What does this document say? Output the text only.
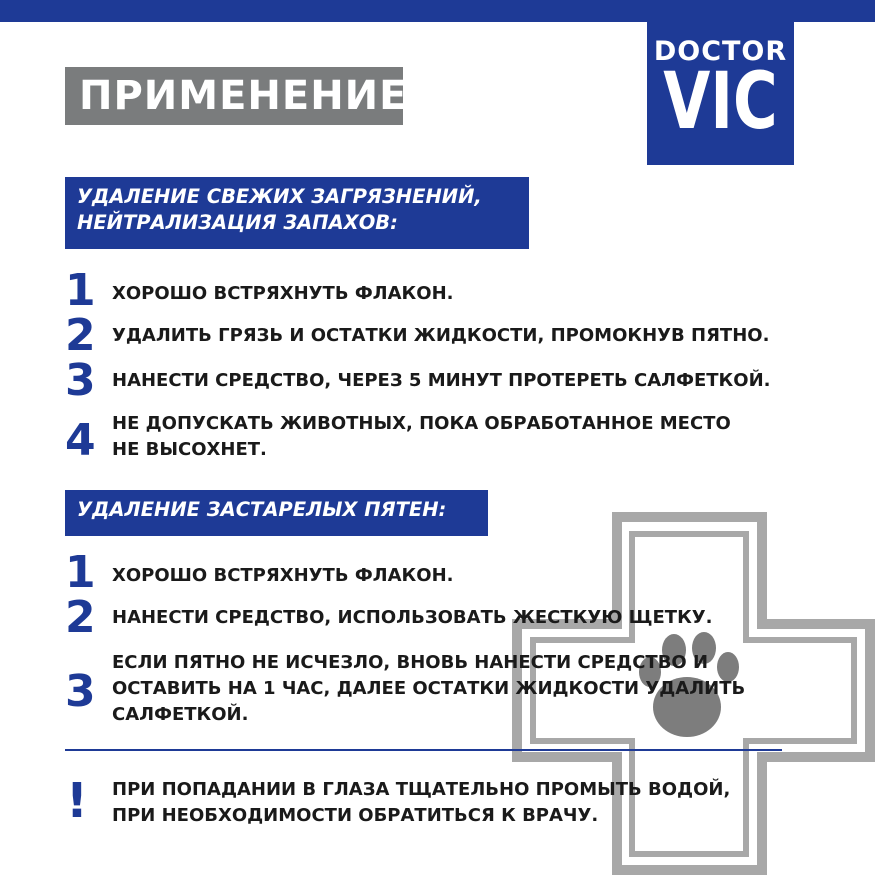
DOCTOR
VIC
ПРИМЕНЕНИЕ:
УДАЛЕНИЕ СВЕЖИХ ЗАГРЯЗНЕНИЙ,
НЕЙТРАЛИЗАЦИЯ ЗАПАХОВ:
1 ХОРОШО ВСТРЯХНУТЬ ФЛАКОН.
2 УДАЛИТЬ ГРЯЗЬ И ОСТАТКИ ЖИДКОСТИ, ПРОМОКНУВ ПЯТНО.
3 НАНЕСТИ СРЕДСТВО, ЧЕРЕЗ 5 МИНУТ ПРОТЕРЕТЬ САЛФЕТКОЙ.
4 НЕ ДОПУСКАТЬ ЖИВОТНЫХ, ПОКА ОБРАБОТАННОЕ МЕСТО
НЕ ВЫСОХНЕТ.
УДАЛЕНИЕ ЗАСТАРЕЛЫХ ПЯТЕН:
1 ХОРОШО ВСТРЯХНУТЬ ФЛАКОН.
2 НАНЕСТИ СРЕДСТВО, ИСПОЛЬЗОВАТЬ ЖЕСТКУЮ ЩЕТКУ.
3
ЕСЛИ ПЯТНО НЕ ИСЧЕЗЛО, ВНОВЬ НАНЕСТИ СРЕДСТВО И
ОСТАВИТЬ НА 1 ЧАС, ДАЛЕЕ ОСТАТКИ ЖИДКОСТИ УДАЛИТЬ
САЛФЕТКОЙ.
! ПРИ ПОПАДАНИИ В ГЛАЗА ТЩАТЕЛЬНО ПРОМЫТЬ ВОДОЙ,
ПРИ НЕОБХОДИМОСТИ ОБРАТИТЬСЯ К ВРАЧУ.
